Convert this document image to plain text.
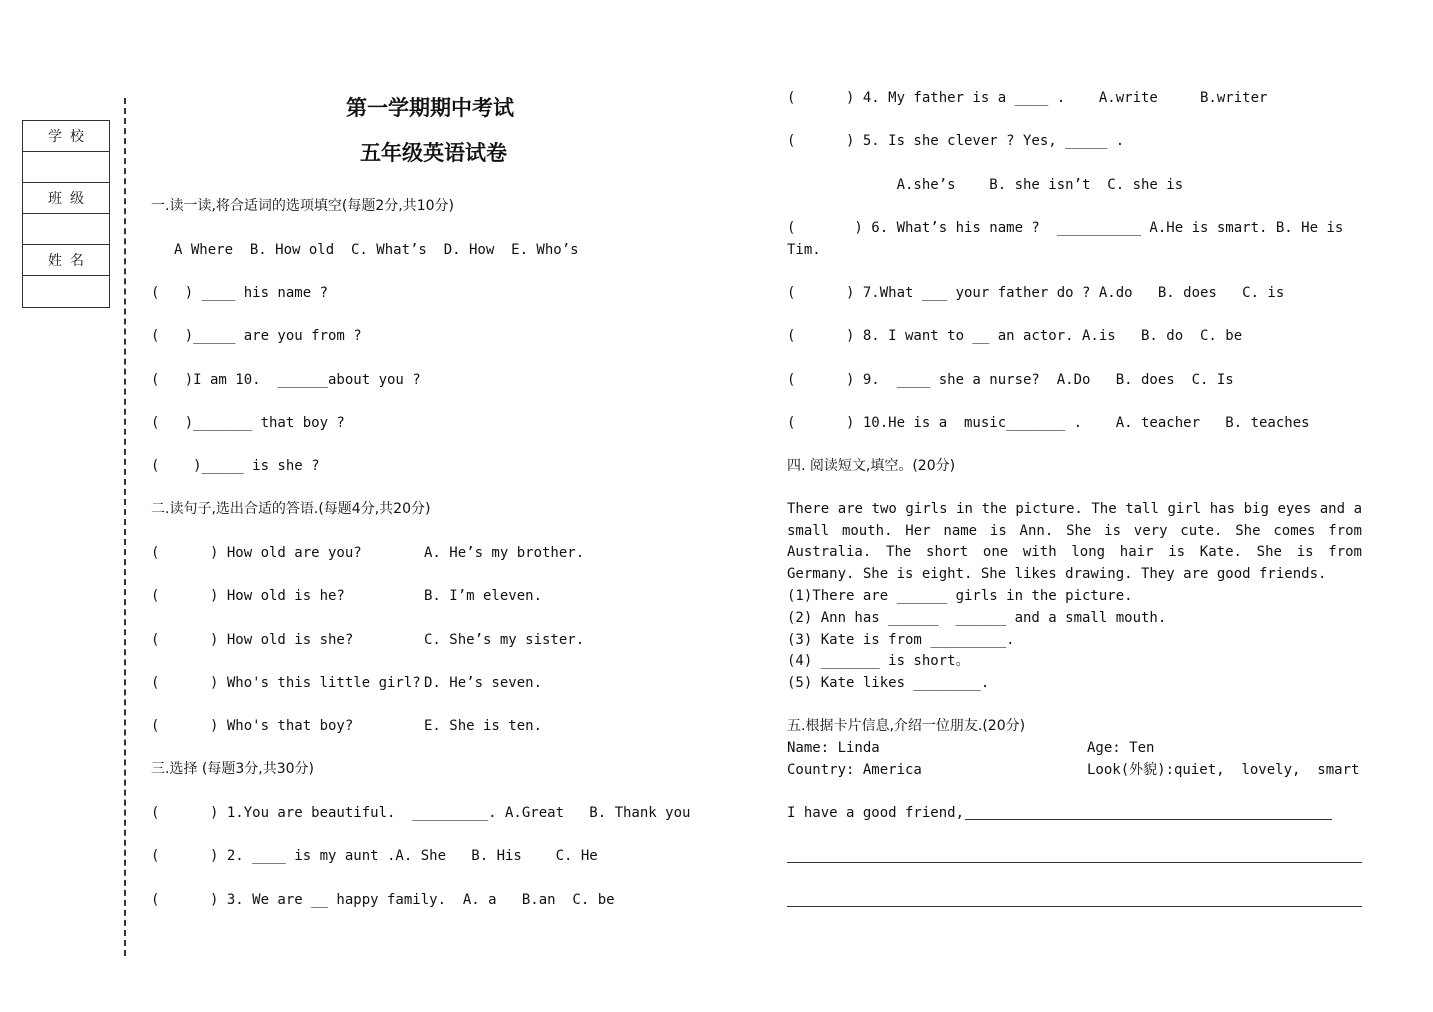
学校
班级
姓名
第一学期期中考试
五年级英语试卷
一.读一读,将合适词的选项填空(每题2分,共10分)
A Where  B. How old  C. What’s  D. How  E. Who’s
(   ) ____ his name ?
(   )_____ are you from ?
(   )I am 10.  ______about you ?
(   )_______ that boy ?
(    )_____ is she ?
二.读句子,选出合适的答语.(每题4分,共20分)
(      ) How old are you?	A. He’s my brother.
(      ) How old is he?	B. I’m eleven.
(      ) How old is she?	C. She’s my sister.
(      ) Who's this little girl? D. He’s seven.
(      ) Who's that boy?	E. She is ten.
三.选择 (每题3分,共30分)
(      ) 1.You are beautiful.  _________. A.Great   B. Thank you
(      ) 2. ____ is my aunt .A. She   B. His    C. He
(      ) 3. We are __ happy family.  A. a   B.an  C. be
(      ) 4. My father is a ____ .    A.write     B.writer
(      ) 5. Is she clever ? Yes, _____ .
A.she’s    B. she isn’t  C. she is
(       ) 6. What’s his name ?  __________ A.He is smart. B. He is
Tim.
(      ) 7.What ___ your father do ? A.do   B. does   C. is
(      ) 8. I want to __ an actor. A.is   B. do  C. be
(      ) 9.  ____ she a nurse?  A.Do   B. does  C. Is
(      ) 10.He is a  music_______ .    A. teacher   B. teaches
四. 阅读短文,填空。(20分)
There are two girls in the picture. The tall girl has big eyes and a small mouth. Her name is Ann. She is very cute. She comes from Australia. The short one with long hair is Kate. She is from Germany. She is eight. She likes drawing. They are good friends.
(1)There are ______ girls in the picture.
(2) Ann has ______  ______ and a small mouth.
(3) Kate is from _________.
(4) _______ is short。
(5) Kate likes ________.
五.根据卡片信息,介绍一位朋友.(20分)
Name: Linda	Age: Ten
Country: America	Look(外貌):quiet,  lovely,  smart
I have a good friend,
